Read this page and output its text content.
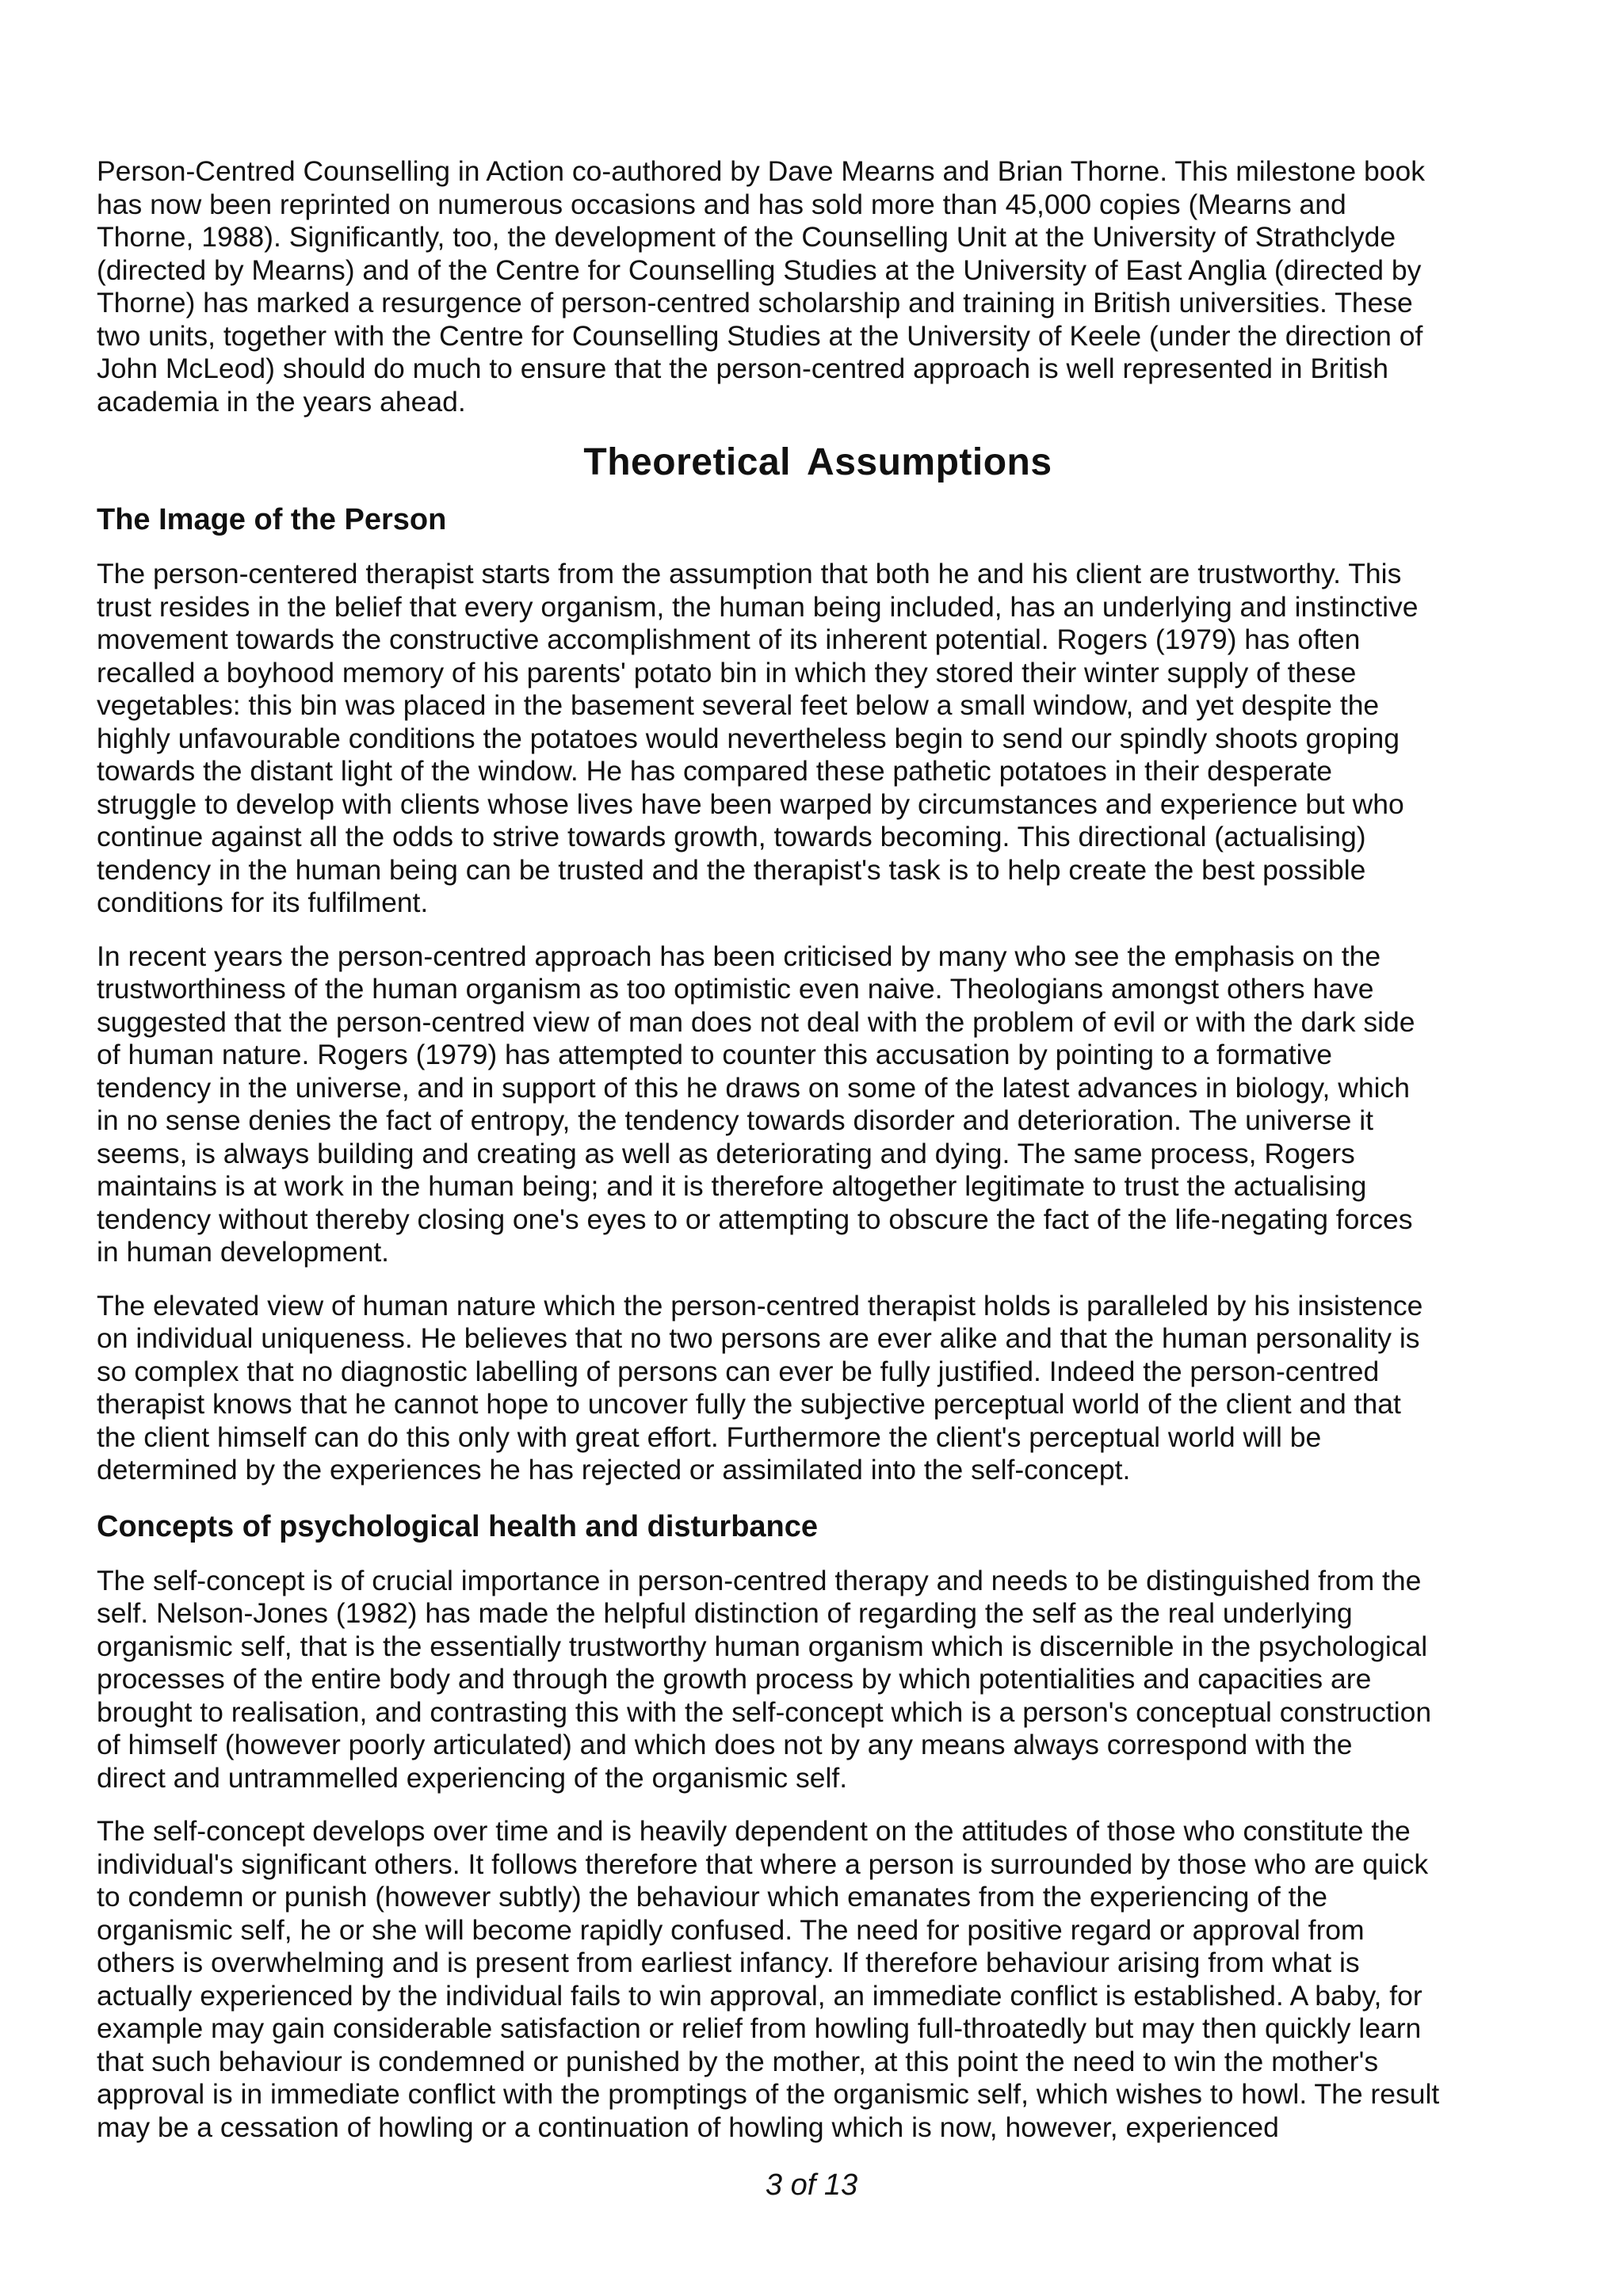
Person-Centred Counselling in Action co-authored by Dave Mearns and Brian Thorne. This milestone book
has now been reprinted on numerous occasions and has sold more than 45,000 copies (Mearns and
Thorne, 1988). Significantly, too, the development of the Counselling Unit at the University of Strathclyde
(directed by Mearns) and of the Centre for Counselling Studies at the University of East Anglia (directed by
Thorne) has marked a resurgence of person-centred scholarship and training in British universities. These
two units, together with the Centre for Counselling Studies at the University of Keele (under the direction of
John McLeod) should do much to ensure that the person-centred approach is well represented in British
academia in the years ahead.

Theoretical Assumptions
The Image of the Person

The person-centered therapist starts from the assumption that both he and his client are trustworthy. This
trust resides in the belief that every organism, the human being included, has an underlying and instinctive
movement towards the constructive accomplishment of its inherent potential. Rogers (1979) has often
recalled a boyhood memory of his parents' potato bin in which they stored their winter supply of these
vegetables: this bin was placed in the basement several feet below a small window, and yet despite the
highly unfavourable conditions the potatoes would nevertheless begin to send our spindly shoots groping
towards the distant light of the window. He has compared these pathetic potatoes in their desperate
struggle to develop with clients whose lives have been warped by circumstances and experience but who
continue against all the odds to strive towards growth, towards becoming. This directional (actualising)
tendency in the human being can be trusted and the therapist's task is to help create the best possible
conditions for its fulfilment.

In recent years the person-centred approach has been criticised by many who see the emphasis on the
trustworthiness of the human organism as too optimistic even naive. Theologians amongst others have
suggested that the person-centred view of man does not deal with the problem of evil or with the dark side
of human nature. Rogers (1979) has attempted to counter this accusation by pointing to a formative
tendency in the universe, and in support of this he draws on some of the latest advances in biology, which
in no sense denies the fact of entropy, the tendency towards disorder and deterioration. The universe it
seems, is always building and creating as well as deteriorating and dying. The same process, Rogers
maintains is at work in the human being; and it is therefore altogether legitimate to trust the actualising
tendency without thereby closing one's eyes to or attempting to obscure the fact of the life-negating forces
in human development.

The elevated view of human nature which the person-centred therapist holds is paralleled by his insistence
on individual uniqueness. He believes that no two persons are ever alike and that the human personality is
so complex that no diagnostic labelling of persons can ever be fully justified. Indeed the person-centred
therapist knows that he cannot hope to uncover fully the subjective perceptual world of the client and that
the client himself can do this only with great effort. Furthermore the client's perceptual world will be
determined by the experiences he has rejected or assimilated into the self-concept.

Concepts of psychological health and disturbance

The self-concept is of crucial importance in person-centred therapy and needs to be distinguished from the
self. Nelson-Jones (1982) has made the helpful distinction of regarding the self as the real underlying
organismic self, that is the essentially trustworthy human organism which is discernible in the psychological
processes of the entire body and through the growth process by which potentialities and capacities are
brought to realisation, and contrasting this with the self-concept which is a person's conceptual construction
of himself (however poorly articulated) and which does not by any means always correspond with the
direct and untrammelled experiencing of the organismic self.

The self-concept develops over time and is heavily dependent on the attitudes of those who constitute the
individual's significant others. It follows therefore that where a person is surrounded by those who are quick
to condemn or punish (however subtly) the behaviour which emanates from the experiencing of the
organismic self, he or she will become rapidly confused. The need for positive regard or approval from
others is overwhelming and is present from earliest infancy. If therefore behaviour arising from what is
actually experienced by the individual fails to win approval, an immediate conflict is established. A baby, for
example may gain considerable satisfaction or relief from howling full-throatedly but may then quickly learn
that such behaviour is condemned or punished by the mother, at this point the need to win the mother's
approval is in immediate conflict with the promptings of the organismic self, which wishes to howl. The result
may be a cessation of howling or a continuation of howling which is now, however, experienced

3 of 13
